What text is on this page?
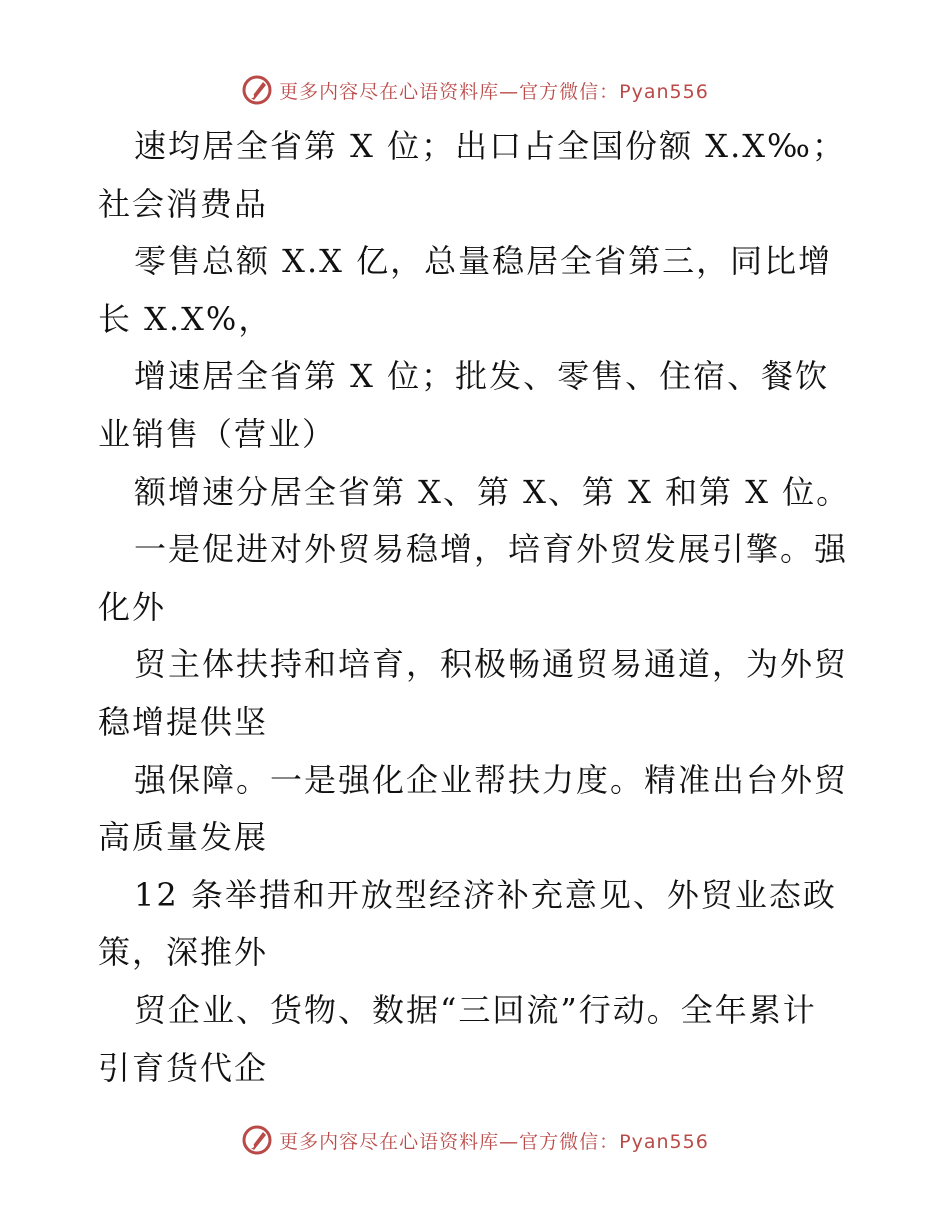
更多内容尽在心语资料库—官方微信：Pyan556
速均居全省第 X 位；出口占全国份额 X.X‰；
社会消费品
零售总额 X.X 亿，总量稳居全省第三，同比增
长 X.X%，
增速居全省第 X 位；批发、零售、住宿、餐饮
业销售（营业）
额增速分居全省第 X、第 X、第 X 和第 X 位。
一是促进对外贸易稳增，培育外贸发展引擎。强
化外
贸主体扶持和培育，积极畅通贸易通道，为外贸
稳增提供坚
强保障。一是强化企业帮扶力度。精准出台外贸
高质量发展
12 条举措和开放型经济补充意见、外贸业态政
策，深推外
贸企业、货物、数据“三回流”行动。全年累计
引育货代企
更多内容尽在心语资料库—官方微信：Pyan556
